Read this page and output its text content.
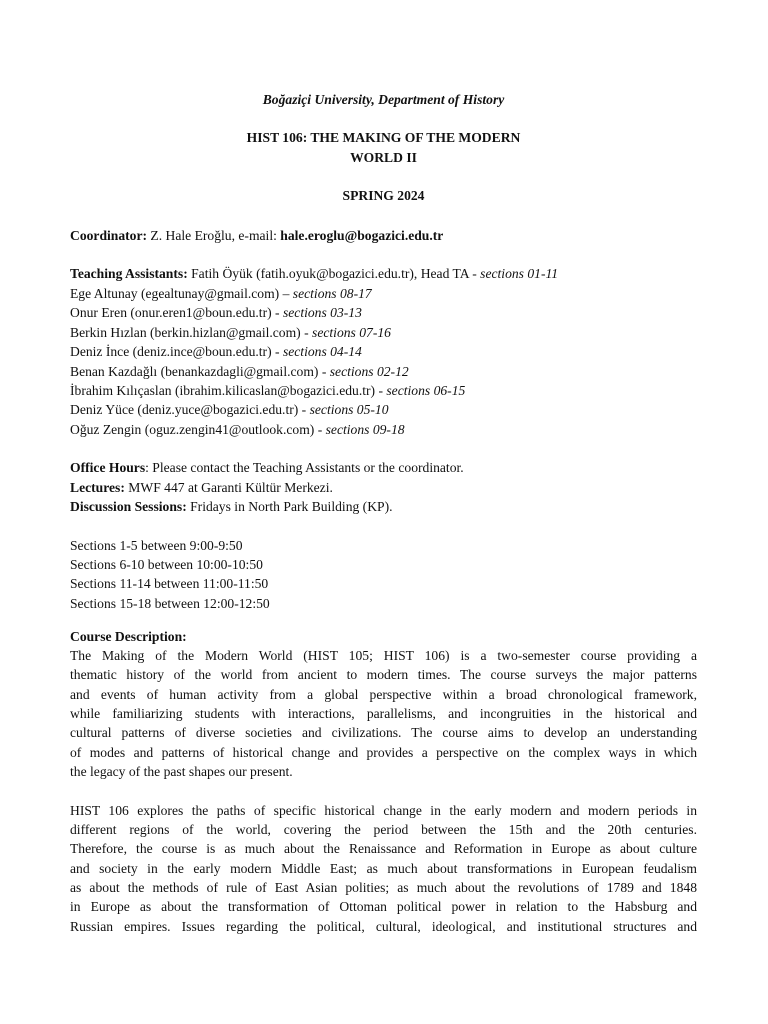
Boğaziçi University, Department of History
HIST 106: THE MAKING OF THE MODERN
WORLD II
SPRING 2024
Coordinator: Z. Hale Eroğlu, e-mail: hale.eroglu@bogazici.edu.tr
Teaching Assistants: Fatih Öyük (fatih.oyuk@bogazici.edu.tr), Head TA - sections 01-11
Ege Altunay (egealtunay@gmail.com) – sections 08-17
Onur Eren (onur.eren1@boun.edu.tr) - sections 03-13
Berkin Hızlan (berkin.hizlan@gmail.com) - sections 07-16
Deniz İnce (deniz.ince@boun.edu.tr) - sections 04-14
Benan Kazdağlı (benankazdagli@gmail.com) - sections 02-12
İbrahim Kılıçaslan (ibrahim.kilicaslan@bogazici.edu.tr) - sections 06-15
Deniz Yüce (deniz.yuce@bogazici.edu.tr) - sections 05-10
Oğuz Zengin (oguz.zengin41@outlook.com) - sections 09-18
Office Hours: Please contact the Teaching Assistants or the coordinator.
Lectures: MWF 447 at Garanti Kültür Merkezi.
Discussion Sessions: Fridays in North Park Building (KP).
Sections 1-5 between 9:00-9:50
Sections 6-10 between 10:00-10:50
Sections 11-14 between 11:00-11:50
Sections 15-18 between 12:00-12:50
Course Description:
The Making of the Modern World (HIST 105; HIST 106) is a two-semester course providing a
thematic history of the world from ancient to modern times. The course surveys the major patterns
and events of human activity from a global perspective within a broad chronological framework,
while familiarizing students with interactions, parallelisms, and incongruities in the historical and
cultural patterns of diverse societies and civilizations. The course aims to develop an understanding
of modes and patterns of historical change and provides a perspective on the complex ways in which
the legacy of the past shapes our present.
HIST 106 explores the paths of specific historical change in the early modern and modern periods in
different regions of the world, covering the period between the 15th and the 20th centuries.
Therefore, the course is as much about the Renaissance and Reformation in Europe as about culture
and society in the early modern Middle East; as much about transformations in European feudalism
as about the methods of rule of East Asian polities; as much about the revolutions of 1789 and 1848
in Europe as about the transformation of Ottoman political power in relation to the Habsburg and
Russian empires. Issues regarding the political, cultural, ideological, and institutional structures and
